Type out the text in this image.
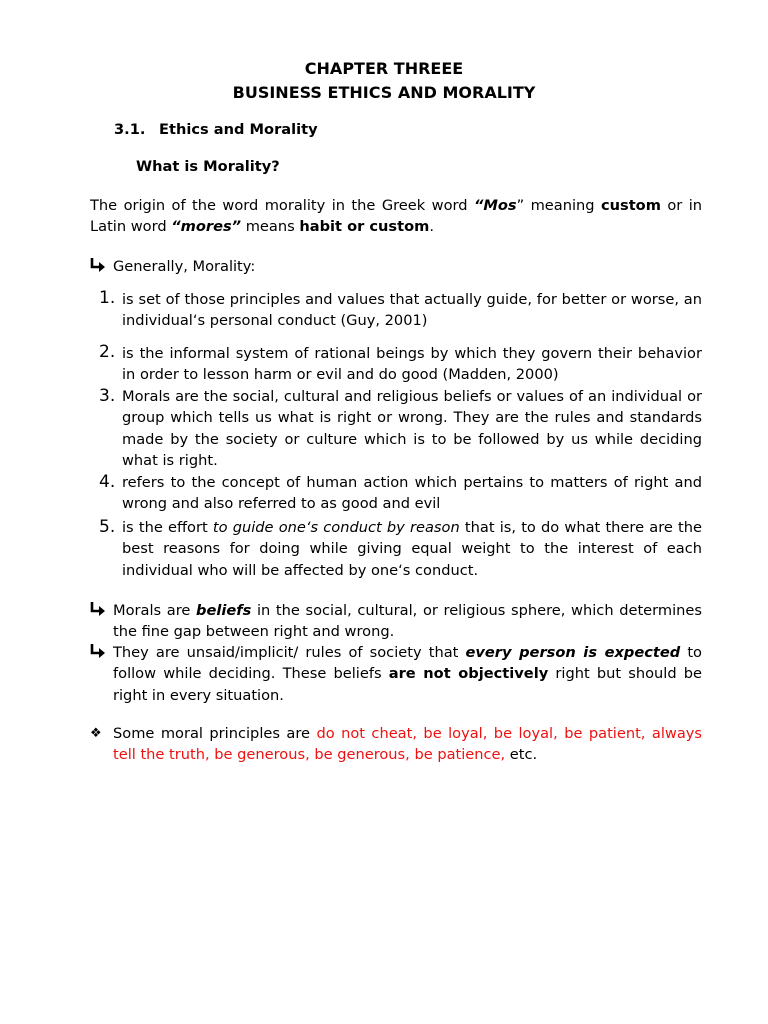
CHAPTER THREEE
BUSINESS ETHICS AND MORALITY
3.1. Ethics and Morality
What is Morality?
The origin of the word morality in the Greek word “Mos” meaning custom or in Latin word “mores” means habit or custom.
Generally, Morality:
1. is set of those principles and values that actually guide, for better or worse, an individual‘s personal conduct (Guy, 2001)
2. is the informal system of rational beings by which they govern their behavior in order to lesson harm or evil and do good (Madden, 2000)
3. Morals are the social, cultural and religious beliefs or values of an individual or group which tells us what is right or wrong. They are the rules and standards made by the society or culture which is to be followed by us while deciding what is right.
4. refers to the concept of human action which pertains to matters of right and wrong and also referred to as good and evil
5. is the effort to guide one‘s conduct by reason that is, to do what there are the best reasons for doing while giving equal weight to the interest of each individual who will be affected by one‘s conduct.
Morals are beliefs in the social, cultural, or religious sphere, which determines the fine gap between right and wrong.
They are unsaid/implicit/ rules of society that every person is expected to follow while deciding. These beliefs are not objectively right but should be right in every situation.
❖ Some moral principles are do not cheat, be loyal, be loyal, be patient, always tell the truth, be generous, be generous, be patience, etc.
